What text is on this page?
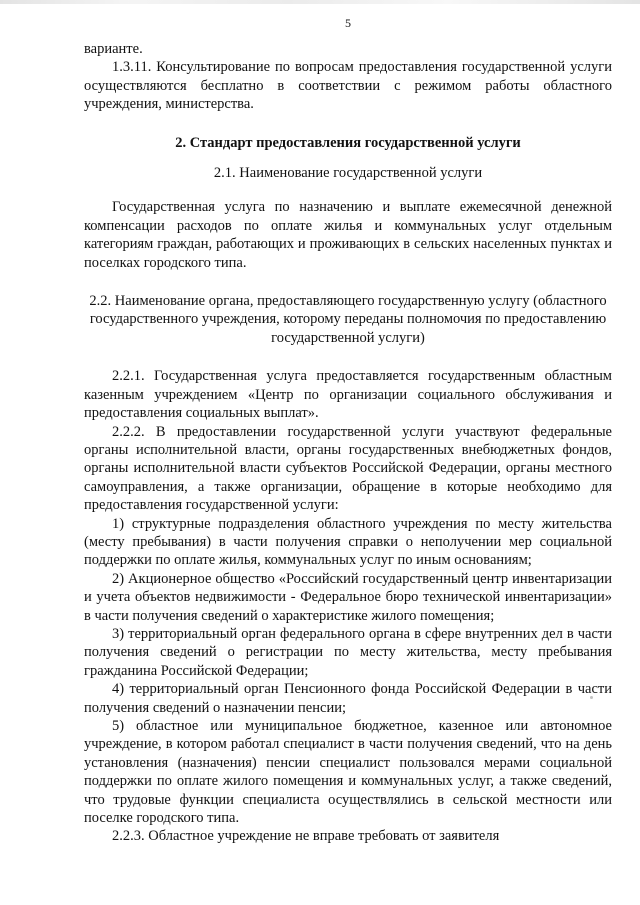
5

варианте.

1.3.11. Консультирование по вопросам предоставления государственной услуги осуществляются бесплатно в соответствии с режимом работы областного учреждения, министерства.

2. Стандарт предоставления государственной услуги

2.1. Наименование государственной услуги

Государственная услуга по назначению и выплате ежемесячной денежной компенсации расходов по оплате жилья и коммунальных услуг отдельным категориям граждан, работающих и проживающих в сельских населенных пунктах и поселках городского типа.

2.2. Наименование органа, предоставляющего государственную услугу (областного государственного учреждения, которому переданы полномочия по предоставлению государственной услуги)

2.2.1. Государственная услуга предоставляется государственным областным казенным учреждением «Центр по организации социального обслуживания и предоставления социальных выплат».

2.2.2. В предоставлении государственной услуги участвуют федеральные органы исполнительной власти, органы государственных внебюджетных фондов, органы исполнительной власти субъектов Российской Федерации, органы местного самоуправления, а также организации, обращение в которые необходимо для предоставления государственной услуги:

1) структурные подразделения областного учреждения по месту жительства (месту пребывания) в части получения справки о неполучении мер социальной поддержки по оплате жилья, коммунальных услуг по иным основаниям;

2) Акционерное общество «Российский государственный центр инвентаризации и учета объектов недвижимости - Федеральное бюро технической инвентаризации» в части получения сведений о характеристике жилого помещения;

3) территориальный орган федерального органа в сфере внутренних дел в части получения сведений о регистрации по месту жительства, месту пребывания гражданина Российской Федерации;

4) территориальный орган Пенсионного фонда Российской Федерации в части получения сведений о назначении пенсии;

5) областное или муниципальное бюджетное, казенное или автономное учреждение, в котором работал специалист в части получения сведений, что на день установления (назначения) пенсии специалист пользовался мерами социальной поддержки по оплате жилого помещения и коммунальных услуг, а также сведений, что трудовые функции специалиста осуществлялись в сельской местности или поселке городского типа.

2.2.3. Областное учреждение не вправе требовать от заявителя
